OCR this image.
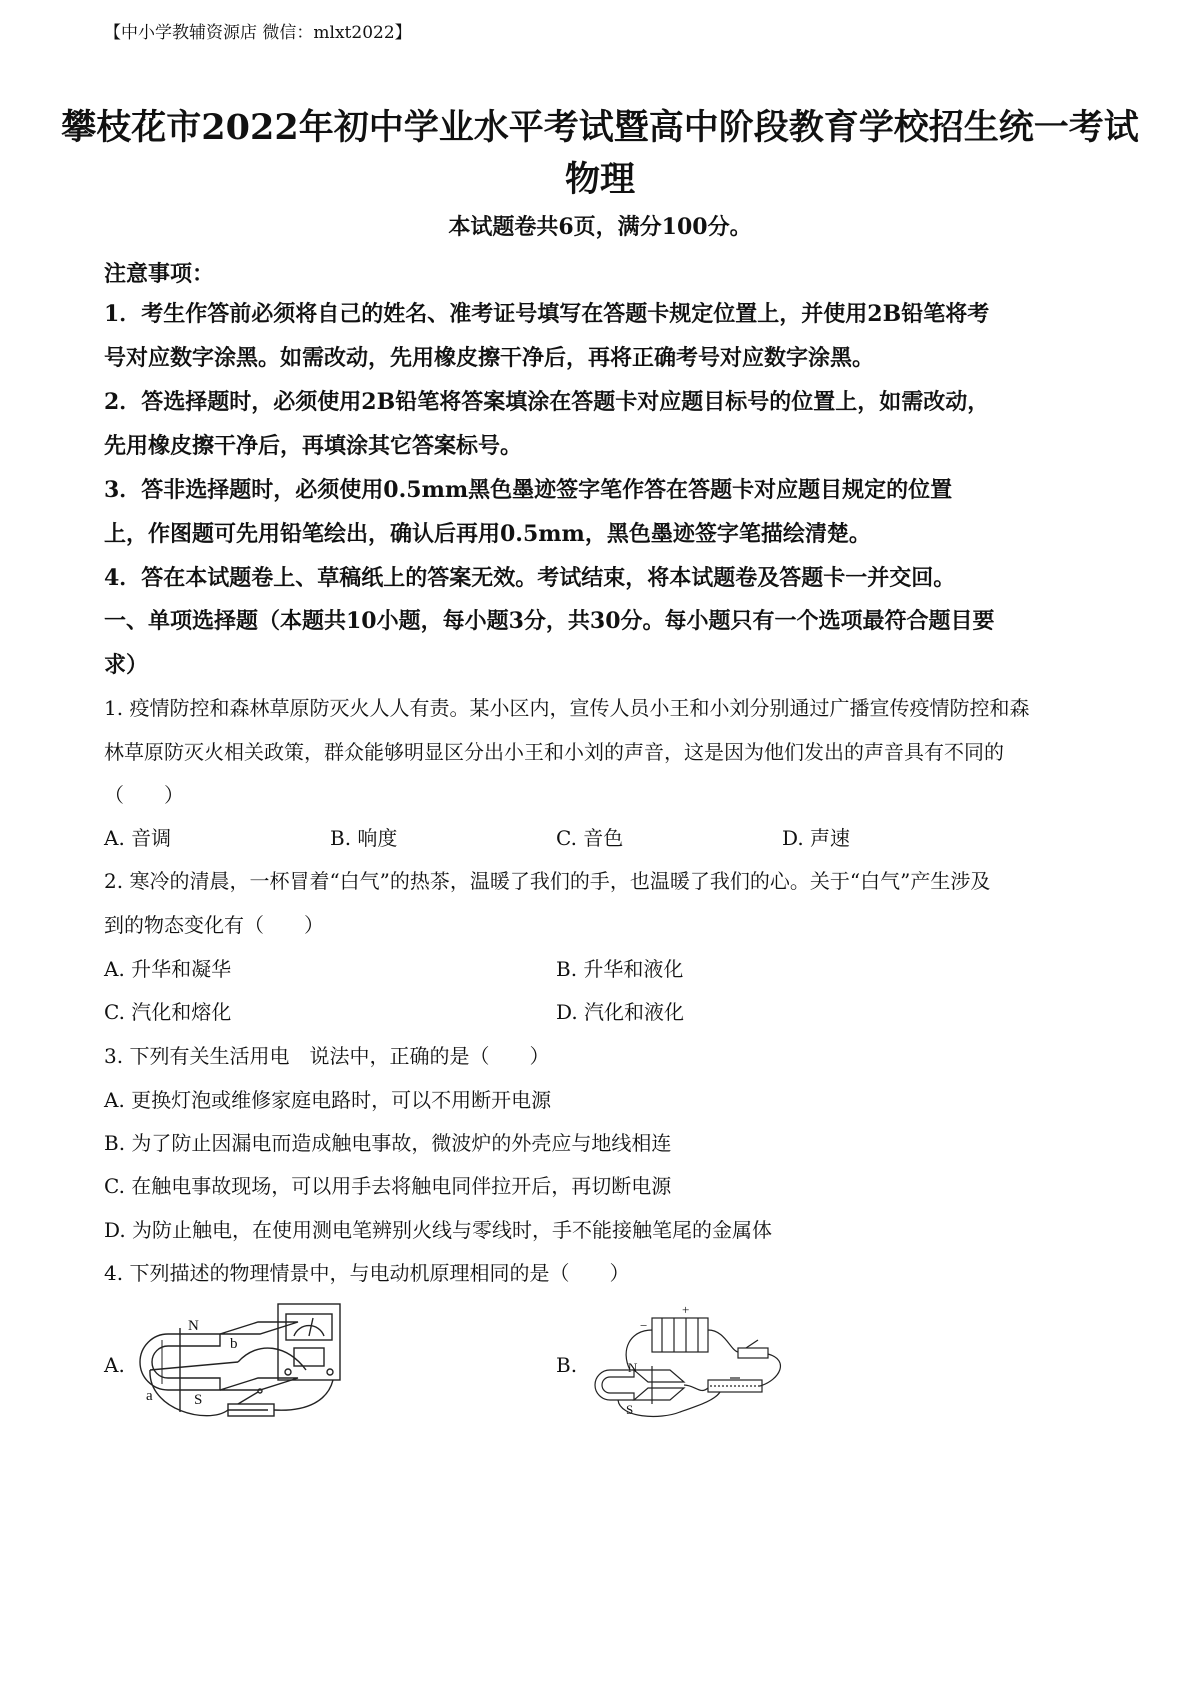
【中小学教辅资源店 微信：mlxt2022】
攀枝花市2022年初中学业水平考试暨高中阶段教育学校招生统一考试
物理
本试题卷共6页，满分100分。
注意事项：
1．考生作答前必须将自己的姓名、准考证号填写在答题卡规定位置上，并使用2B铅笔将考
号对应数字涂黑。如需改动，先用橡皮擦干净后，再将正确考号对应数字涂黑。
2．答选择题时，必须使用2B铅笔将答案填涂在答题卡对应题目标号的位置上，如需改动，
先用橡皮擦干净后，再填涂其它答案标号。
3．答非选择题时，必须使用0.5mm黑色墨迹签字笔作答在答题卡对应题目规定的位置
上，作图题可先用铅笔绘出，确认后再用0.5mm，黑色墨迹签字笔描绘清楚。
4．答在本试题卷上、草稿纸上的答案无效。考试结束，将本试题卷及答题卡一并交回。
一、单项选择题（本题共10小题，每小题3分，共30分。每小题只有一个选项最符合题目要
求）
1. 疫情防控和森林草原防灭火人人有责。某小区内，宣传人员小王和小刘分别通过广播宣传疫情防控和森
林草原防灭火相关政策，群众能够明显区分出小王和小刘的声音，这是因为他们发出的声音具有不同的
（　　）
A. 音调	B. 响度	C. 音色	D. 声速
2. 寒冷的清晨，一杯冒着“白气”的热茶，温暖了我们的手，也温暖了我们的心。关于“白气”产生涉及
到的物态变化有（　　）
A. 升华和凝华	B. 升华和液化
C. 汽化和熔化	D. 汽化和液化
3. 下列有关生活用电　说法中，正确的是（　　）
A. 更换灯泡或维修家庭电路时，可以不用断开电源
B. 为了防止因漏电而造成触电事故，微波炉的外壳应与地线相连
C. 在触电事故现场，可以用手去将触电同伴拉开后，再切断电源
D. 为防止触电，在使用测电笔辨别火线与零线时，手不能接触笔尾的金属体
4. 下列描述的物理情景中，与电动机原理相同的是（　　）
A.	B.
N
S
a
b
N
S
+
−
